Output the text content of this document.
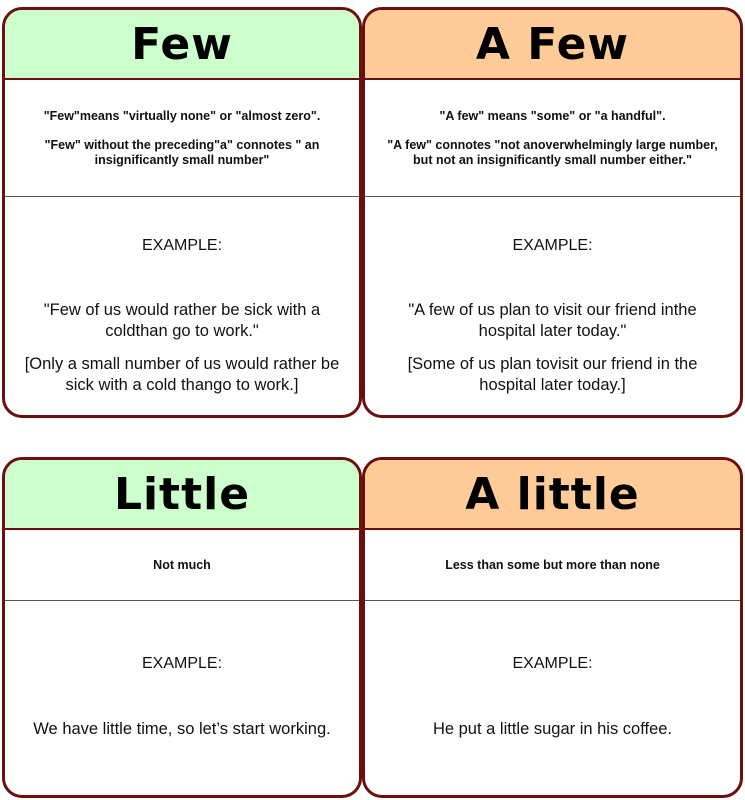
Few

"Few"means "virtually none" or "almost zero".

"Few" without the preceding"a" connotes " an insignificantly small number"

EXAMPLE:
"Few of us would rather be sick with a coldthan go to work."
[Only a small number of us would rather be sick with a cold thango to work.]
A Few

"A few" means "some" or "a handful".

"A few" connotes "not anoverwhelmingly large number,

but not an insignificantly small number either."

EXAMPLE:
"A few of us plan to visit our friend inthe hospital later today."
[Some of us plan tovisit our friend in the hospital later today.]
Little

Not much

EXAMPLE:
We have little time, so let’s start working.
A little

Less than some but more than none

EXAMPLE:
He put a little sugar in his coffee.
